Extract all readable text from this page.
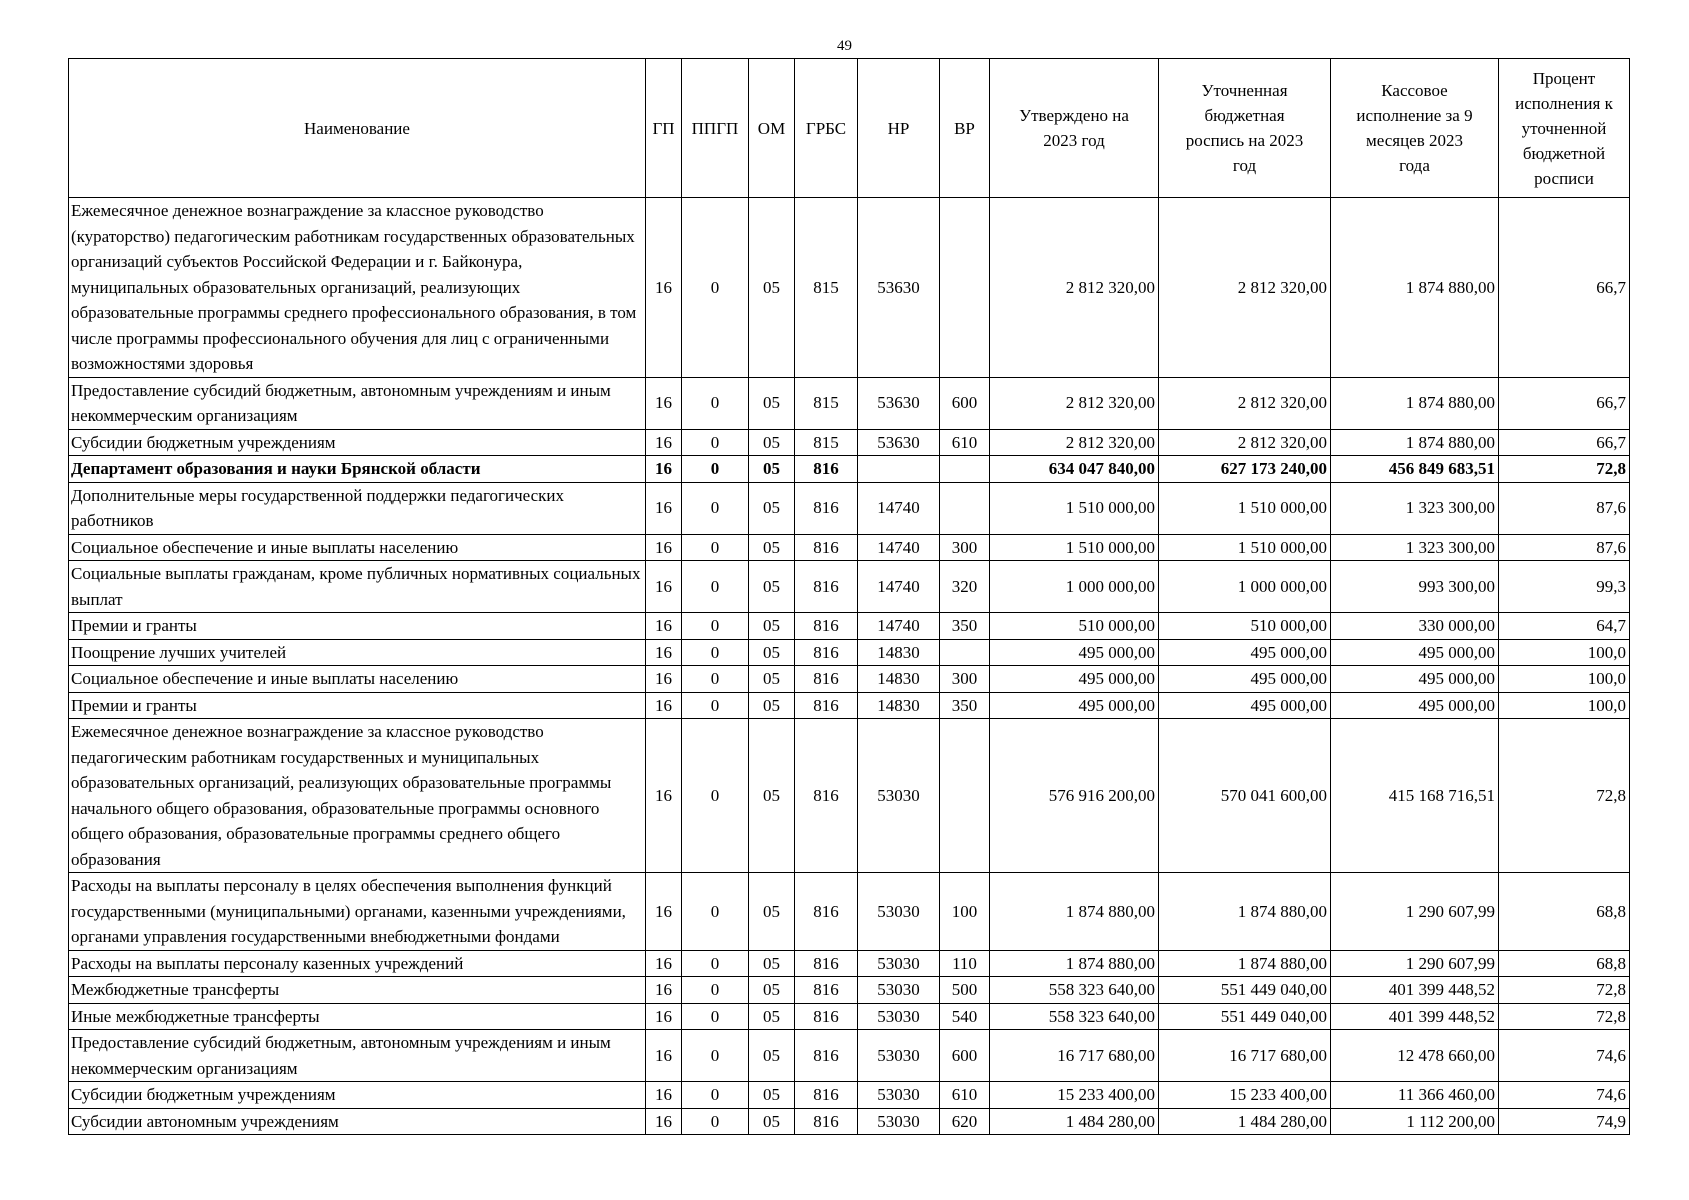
49
Наименование	ГП	ППГП	ОМ	ГРБС	НР	ВР	Утверждено на 2023 год	Уточненная бюджетная роспись на 2023 год	Кассовое исполнение за 9 месяцев 2023 года	Процент исполнения к уточненной бюджетной росписи
Ежемесячное денежное вознаграждение за классное руководство (кураторство) педагогическим работникам государственных образовательных организаций субъектов Российской Федерации и г. Байконура, муниципальных образовательных организаций, реализующих образовательные программы среднего профессионального образования, в том числе программы профессионального обучения для лиц с ограниченными возможностями здоровья	16	0	05	815	53630		2 812 320,00	2 812 320,00	1 874 880,00	66,7
Предоставление субсидий бюджетным, автономным учреждениям и иным некоммерческим организациям	16	0	05	815	53630	600	2 812 320,00	2 812 320,00	1 874 880,00	66,7
Субсидии бюджетным учреждениям	16	0	05	815	53630	610	2 812 320,00	2 812 320,00	1 874 880,00	66,7
Департамент образования и науки Брянской области	16	0	05	816			634 047 840,00	627 173 240,00	456 849 683,51	72,8
Дополнительные меры государственной поддержки педагогических работников	16	0	05	816	14740		1 510 000,00	1 510 000,00	1 323 300,00	87,6
Социальное обеспечение и иные выплаты населению	16	0	05	816	14740	300	1 510 000,00	1 510 000,00	1 323 300,00	87,6
Социальные выплаты гражданам, кроме публичных нормативных социальных выплат	16	0	05	816	14740	320	1 000 000,00	1 000 000,00	993 300,00	99,3
Премии и гранты	16	0	05	816	14740	350	510 000,00	510 000,00	330 000,00	64,7
Поощрение лучших учителей	16	0	05	816	14830		495 000,00	495 000,00	495 000,00	100,0
Социальное обеспечение и иные выплаты населению	16	0	05	816	14830	300	495 000,00	495 000,00	495 000,00	100,0
Премии и гранты	16	0	05	816	14830	350	495 000,00	495 000,00	495 000,00	100,0
Ежемесячное денежное вознаграждение за классное руководство педагогическим работникам государственных и муниципальных образовательных организаций, реализующих образовательные программы начального общего образования, образовательные программы основного общего образования, образовательные программы среднего общего образования	16	0	05	816	53030		576 916 200,00	570 041 600,00	415 168 716,51	72,8
Расходы на выплаты персоналу в целях обеспечения выполнения функций государственными (муниципальными) органами, казенными учреждениями, органами управления государственными внебюджетными фондами	16	0	05	816	53030	100	1 874 880,00	1 874 880,00	1 290 607,99	68,8
Расходы на выплаты персоналу казенных учреждений	16	0	05	816	53030	110	1 874 880,00	1 874 880,00	1 290 607,99	68,8
Межбюджетные трансферты	16	0	05	816	53030	500	558 323 640,00	551 449 040,00	401 399 448,52	72,8
Иные межбюджетные трансферты	16	0	05	816	53030	540	558 323 640,00	551 449 040,00	401 399 448,52	72,8
Предоставление субсидий бюджетным, автономным учреждениям и иным некоммерческим организациям	16	0	05	816	53030	600	16 717 680,00	16 717 680,00	12 478 660,00	74,6
Субсидии бюджетным учреждениям	16	0	05	816	53030	610	15 233 400,00	15 233 400,00	11 366 460,00	74,6
Субсидии автономным учреждениям	16	0	05	816	53030	620	1 484 280,00	1 484 280,00	1 112 200,00	74,9
